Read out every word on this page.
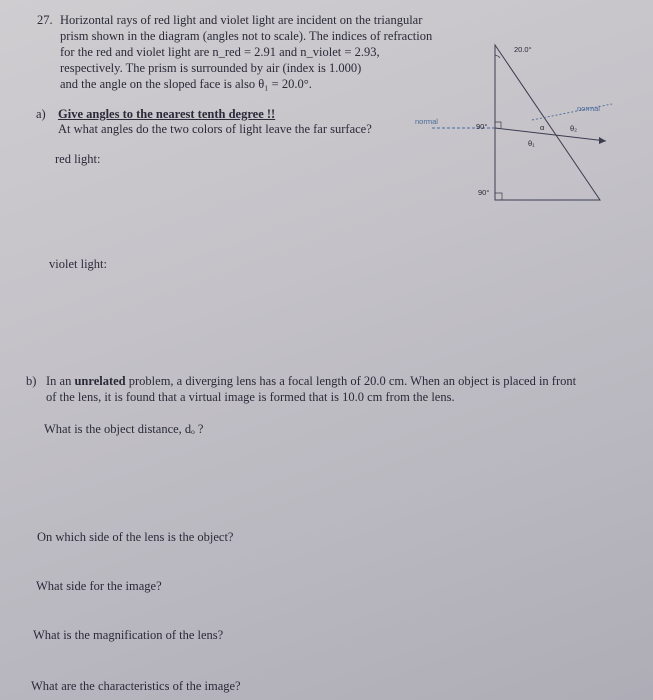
27. Horizontal rays of red light and violet light are incident on the triangular
prism shown in the diagram (angles not to scale). The indices of refraction
for the red and violet light are n_red = 2.91 and n_violet = 2.93,
respectively. The prism is surrounded by air (index is 1.000)
and the angle on the sloped face is also θ₁ = 20.0°.
a) Give angles to the nearest tenth degree !!
At what angles do the two colors of light leave the far surface?
red light:
violet light:
20.0°
normal
normal
90°
90°
α
θ₁
θ₂
b) In an unrelated problem, a diverging lens has a focal length of 20.0 cm. When an object is placed in front
of the lens, it is found that a virtual image is formed that is 10.0 cm from the lens.
What is the object distance, dₒ ?
On which side of the lens is the object?
What side for the image?
What is the magnification of the lens?
What are the characteristics of the image?
